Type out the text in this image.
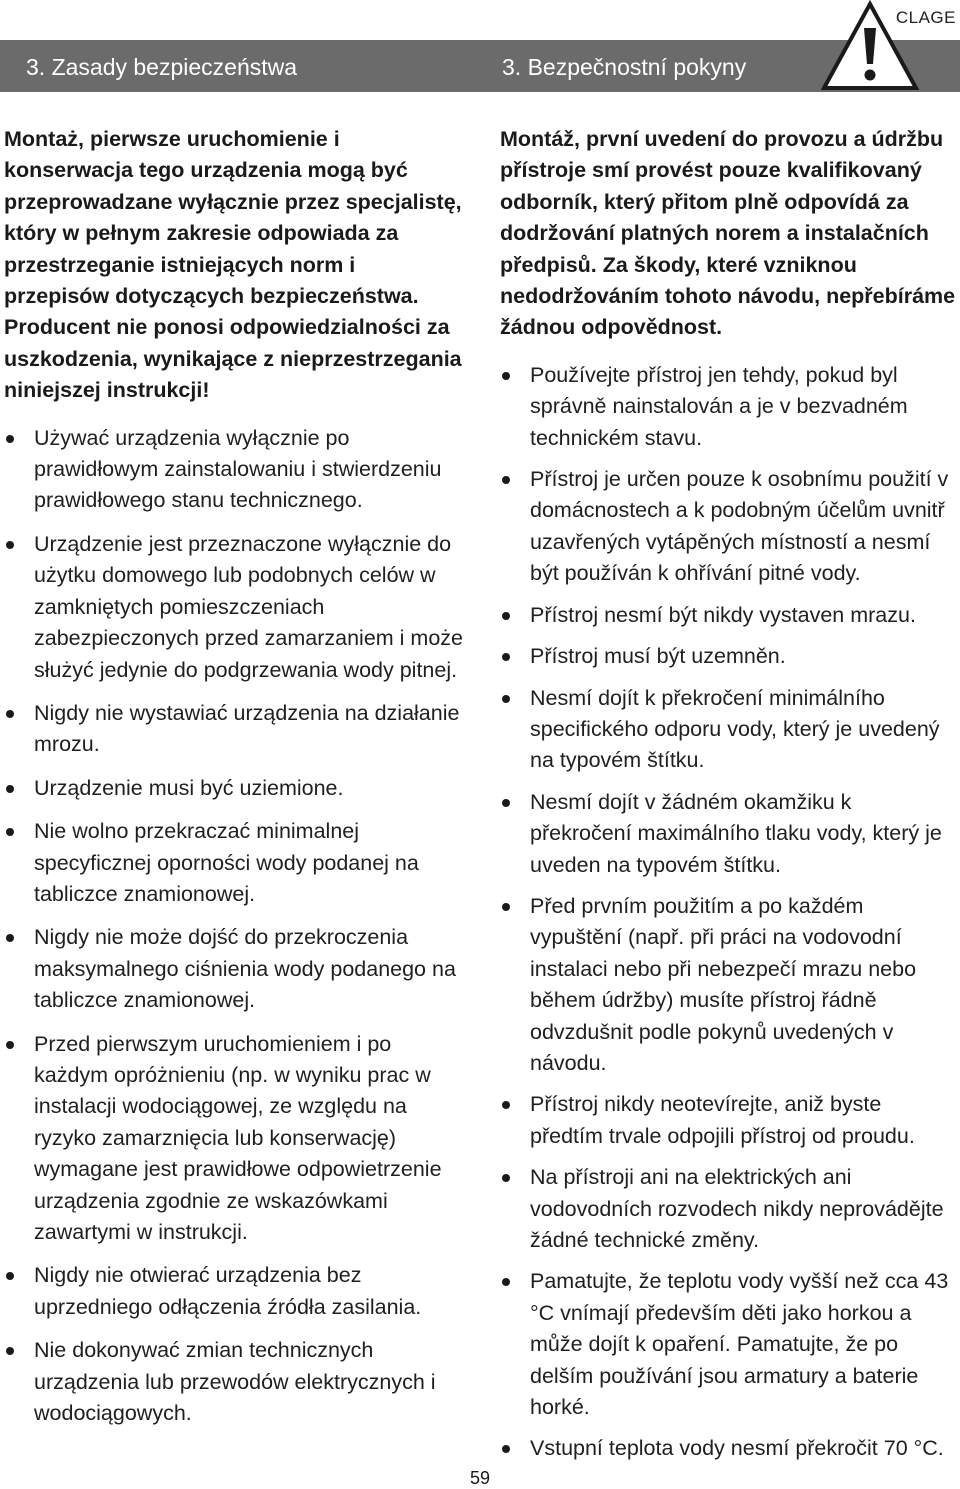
CLAGE
3. Zasady bezpieczeństwa	3. Bezpečnostní pokyny

Montaż, pierwsze uruchomienie i konserwacja tego urządzenia mogą być przeprowadzane wyłącznie przez specjalistę, który w pełnym zakresie odpowiada za przestrzeganie istniejących norm i przepisów dotyczących bezpieczeństwa.
Producent nie ponosi odpowiedzialności za uszkodzenia, wynikające z nieprzestrzegania niniejszej instrukcji!

Używać urządzenia wyłącznie po prawidłowym zainstalowaniu i stwierdzeniu prawidłowego stanu technicznego.
Urządzenie jest przeznaczone wyłącznie do użytku domowego lub podobnych celów w zamkniętych pomieszczeniach zabezpieczonych przed zamarzaniem i może służyć jedynie do podgrzewania wody pitnej.
Nigdy nie wystawiać urządzenia na działanie mrozu.
Urządzenie musi być uziemione.
Nie wolno przekraczać minimalnej specyficznej oporności wody podanej na tabliczce znamionowej.
Nigdy nie może dojść do przekroczenia maksymalnego ciśnienia wody podanego na tabliczce znamionowej.
Przed pierwszym uruchomieniem i po każdym opróżnieniu (np. w wyniku prac w instalacji wodociągowej, ze względu na ryzyko zamarznięcia lub konserwację) wymagane jest prawidłowe odpowietrzenie urządzenia zgodnie ze wskazówkami zawartymi w instrukcji.
Nigdy nie otwierać urządzenia bez uprzedniego odłączenia źródła zasilania.
Nie dokonywać zmian technicznych urządzenia lub przewodów elektrycznych i wodociągowych.

Montáž, první uvedení do provozu a údržbu přístroje smí provést pouze kvalifikovaný odborník, který přitom plně odpovídá za dodržování platných norem a instalačních předpisů. Za škody, které vzniknou nedodržováním tohoto návodu, nepřebíráme žádnou odpovědnost.

Používejte přístroj jen tehdy, pokud byl správně nainstalován a je v bezvadném technickém stavu.
Přístroj je určen pouze k osobnímu použití v domácnostech a k podobným účelům uvnitř uzavřených vytápěných místností a nesmí být používán k ohřívání pitné vody.
Přístroj nesmí být nikdy vystaven mrazu.
Přístroj musí být uzemněn.
Nesmí dojít k překročení minimálního specifického odporu vody, který je uvedený na typovém štítku.
Nesmí dojít v žádném okamžiku k překročení maximálního tlaku vody, který je uveden na typovém štítku.
Před prvním použitím a po každém vypuštění (např. při práci na vodovodní instalaci nebo při nebezpečí mrazu nebo během údržby) musíte přístroj řádně odvzdušnit podle pokynů uvedených v návodu.
Přístroj nikdy neotevírejte, aniž byste předtím trvale odpojili přístroj od proudu.
Na přístroji ani na elektrických ani vodovodních rozvodech nikdy neprovádějte žádné technické změny.
Pamatujte, že teplotu vody vyšší než cca 43 °C vnímají především děti jako horkou a může dojít k opaření. Pamatujte, že po delším používání jsou armatury a baterie horké.
Vstupní teplota vody nesmí překročit 70 °C.
59
